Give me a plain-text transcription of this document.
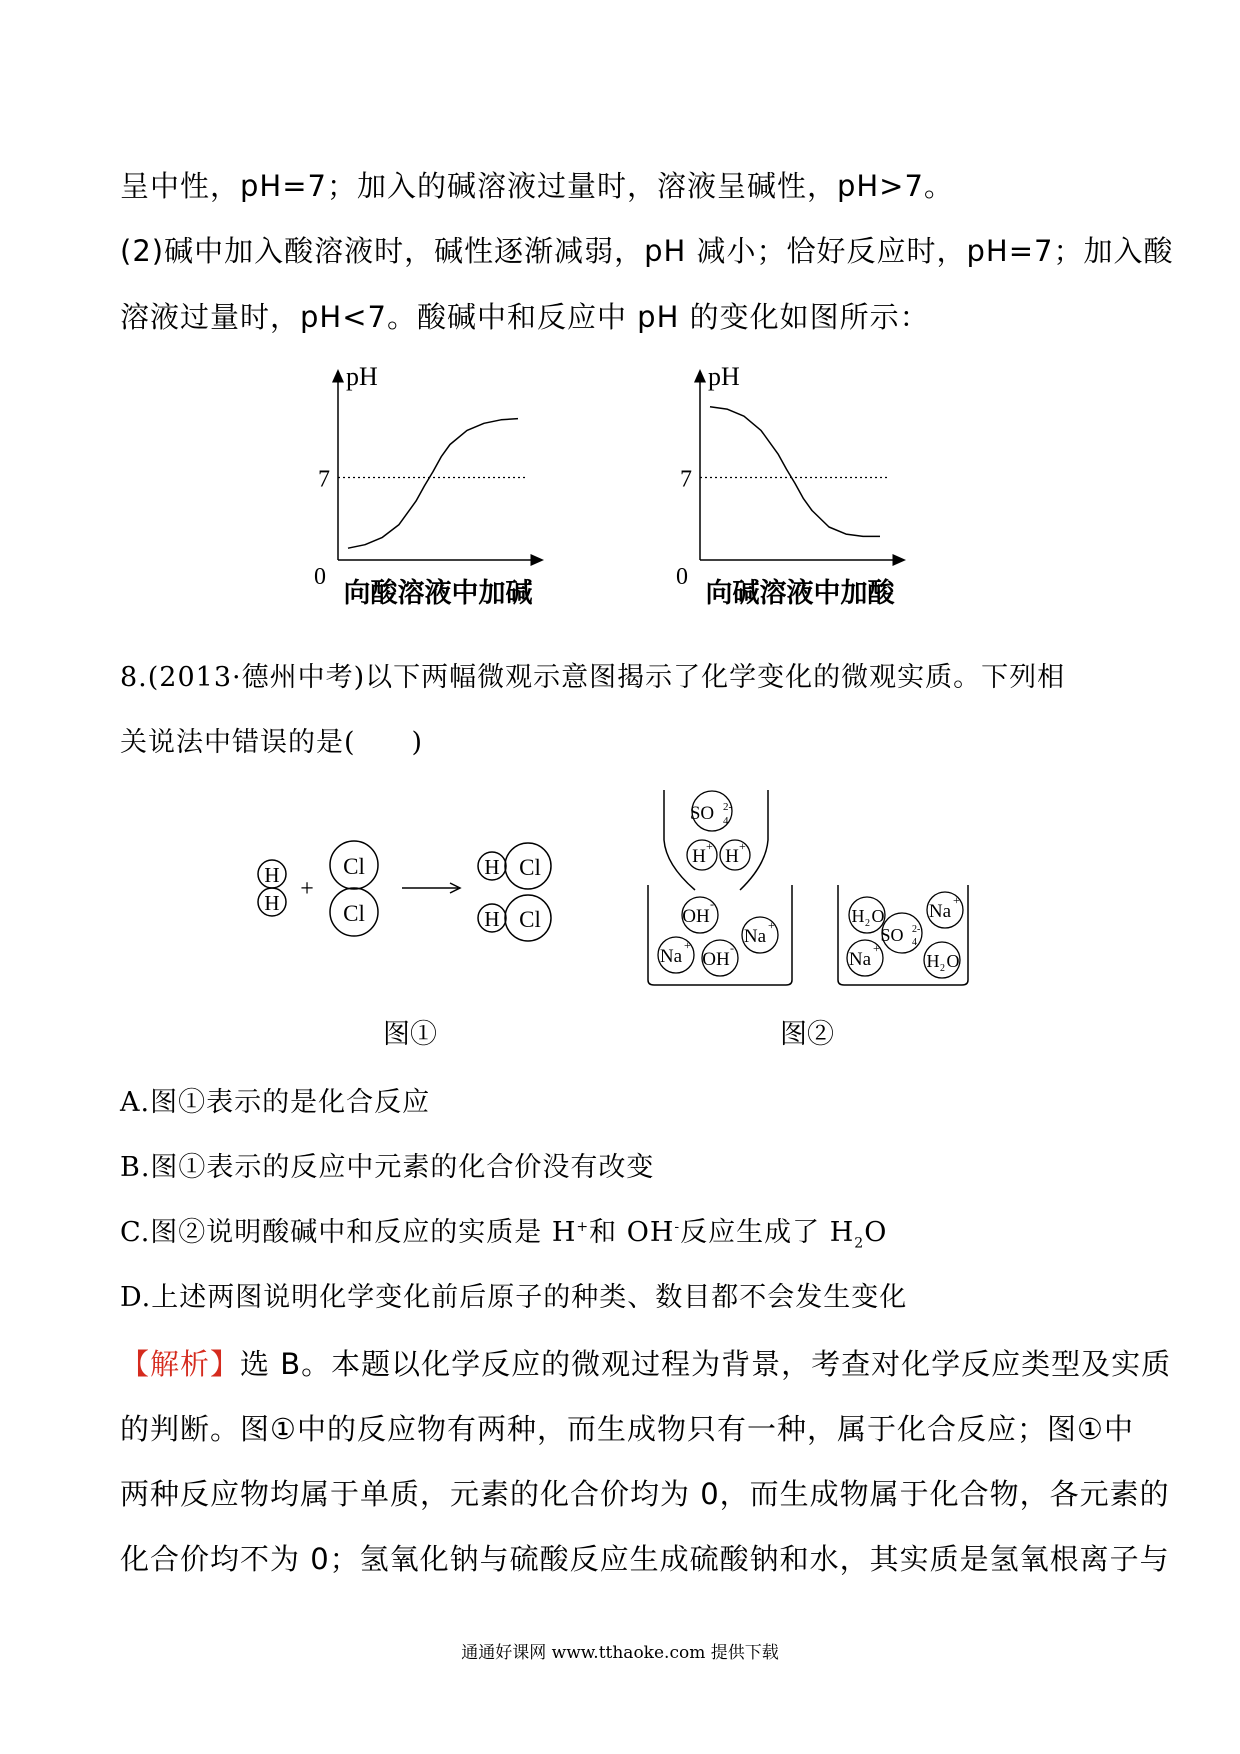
呈中性，pH=7；加入的碱溶液过量时，溶液呈碱性，pH>7。
(2)碱中加入酸溶液时，碱性逐渐减弱，pH 减小；恰好反应时，pH=7；加入酸
溶液过量时，pH<7。酸碱中和反应中 pH 的变化如图所示：
pH
0
7
向酸溶液中加碱
pH
0
7
向碱溶液中加酸
8.(2013·德州中考)以下两幅微观示意图揭示了化学变化的微观实质。下列相
关说法中错误的是(　　)
H
H
+
Cl
Cl
H Cl
H Cl
图①
SO 4
2-
H + H +
OH
-
Na
+
Na
+
OH
-
H 2 O Na
+
SO 4
2-
Na
+
H 2 O
图②
A.图①表示的是化合反应
B.图①表示的反应中元素的化合价没有改变
C.图②说明酸碱中和反应的实质是 H+和 OH-反应生成了 $H_2O$
D.上述两图说明化学变化前后原子的种类、数目都不会发生变化
【解析】选 B。本题以化学反应的微观过程为背景，考查对化学反应类型及实质
的判断。图①中的反应物有两种，而生成物只有一种，属于化合反应；图①中
两种反应物均属于单质，元素的化合价均为 0，而生成物属于化合物，各元素的
化合价均不为 0；氢氧化钠与硫酸反应生成硫酸钠和水，其实质是氢氧根离子与
通通好课网 www.tthaoke.com 提供下载
